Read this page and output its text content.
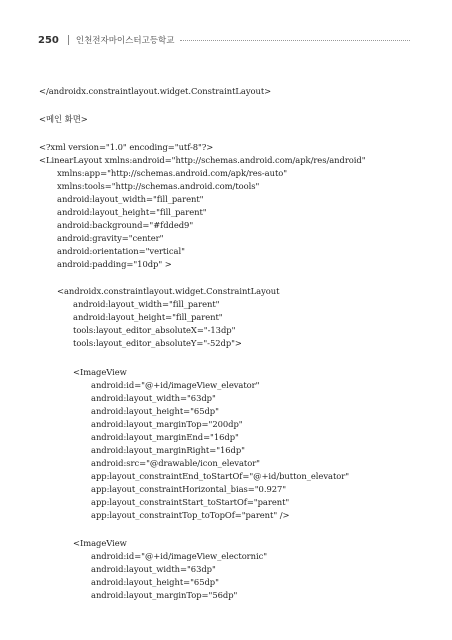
250 인천전자마이스터고등학교
</androidx.constraintlayout.widget.ConstraintLayout>
<메인 화면>
<?xml version="1.0" encoding="utf-8"?>
<LinearLayout xmlns:android="http://schemas.android.com/apk/res/android"
xmlns:app="http://schemas.android.com/apk/res-auto"
xmlns:tools="http://schemas.android.com/tools"
android:layout_width="fill_parent"
android:layout_height="fill_parent"
android:background="#fdded9"
android:gravity="center"
android:orientation="vertical"
android:padding="10dp" >
<androidx.constraintlayout.widget.ConstraintLayout
android:layout_width="fill_parent"
android:layout_height="fill_parent"
tools:layout_editor_absoluteX="-13dp"
tools:layout_editor_absoluteY="-52dp">
<ImageView
android:id="@+id/imageView_elevator"
android:layout_width="63dp"
android:layout_height="65dp"
android:layout_marginTop="200dp"
android:layout_marginEnd="16dp"
android:layout_marginRight="16dp"
android:src="@drawable/icon_elevator"
app:layout_constraintEnd_toStartOf="@+id/button_elevator"
app:layout_constraintHorizontal_bias="0.927"
app:layout_constraintStart_toStartOf="parent"
app:layout_constraintTop_toTopOf="parent" />
<ImageView
android:id="@+id/imageView_electornic"
android:layout_width="63dp"
android:layout_height="65dp"
android:layout_marginTop="56dp"
